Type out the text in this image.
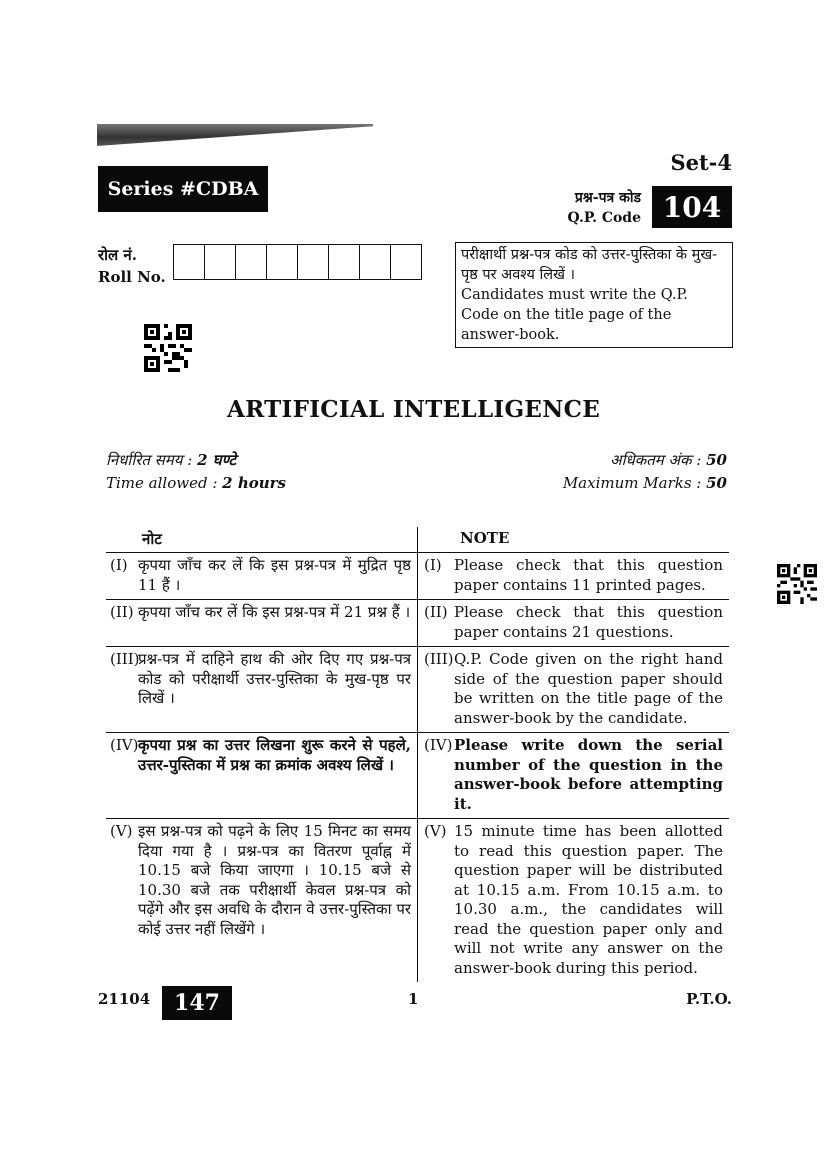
Series #CDBA
Set-4
प्रश्न-पत्र कोड
Q.P. Code 104
रोल नं.
Roll No.
परीक्षार्थी प्रश्न-पत्र कोड को उत्तर-पुस्तिका के मुख-पृष्ठ पर अवश्य लिखें ।
Candidates must write the Q.P. Code on the title page of the answer-book.
ARTIFICIAL INTELLIGENCE
निर्धारित समय : 2 घण्टे
Time allowed : 2 hours
अधिकतम अंक : 50
Maximum Marks : 50
नोट	NOTE
(I) कृपया जाँच कर लें कि इस प्रश्न-पत्र में मुद्रित पृष्ठ 11 हैं ।
(I) Please check that this question paper contains 11 printed pages.
(II) कृपया जाँच कर लें कि इस प्रश्न-पत्र में 21 प्रश्न हैं । (II) Please check that this question paper contains 21 questions.
(III)
प्रश्न-पत्र में दाहिने हाथ की ओर दिए गए प्रश्न-पत्र कोड को परीक्षार्थी उत्तर-पुस्तिका के मुख-पृष्ठ पर लिखें ।
(III) Q.P. Code given on the right hand side of the question paper should be written on the title page of the answer-book by the candidate.
(IV) कृपया प्रश्न का उत्तर लिखना शुरू करने से पहले, उत्तर-पुस्तिका में प्रश्न का क्रमांक अवश्य लिखें ।
(IV) Please write down the serial number of the question in the answer-book before attempting it.
(V) इस प्रश्न-पत्र को पढ़ने के लिए 15 मिनट का समय दिया गया है । प्रश्न-पत्र का वितरण पूर्वाह्न में 10.15 बजे किया जाएगा । 10.15 बजे से 10.30 बजे तक परीक्षार्थी केवल प्रश्न-पत्र को पढ़ेंगे और इस अवधि के दौरान वे उत्तर-पुस्तिका पर कोई उत्तर नहीं लिखेंगे ।
(V) 15 minute time has been allotted to read this question paper. The question paper will be distributed at 10.15 a.m. From 10.15 a.m. to 10.30 a.m., the candidates will read the question paper only and will not write any answer on the answer-book during this period.
21104	147	1	P.T.O.
